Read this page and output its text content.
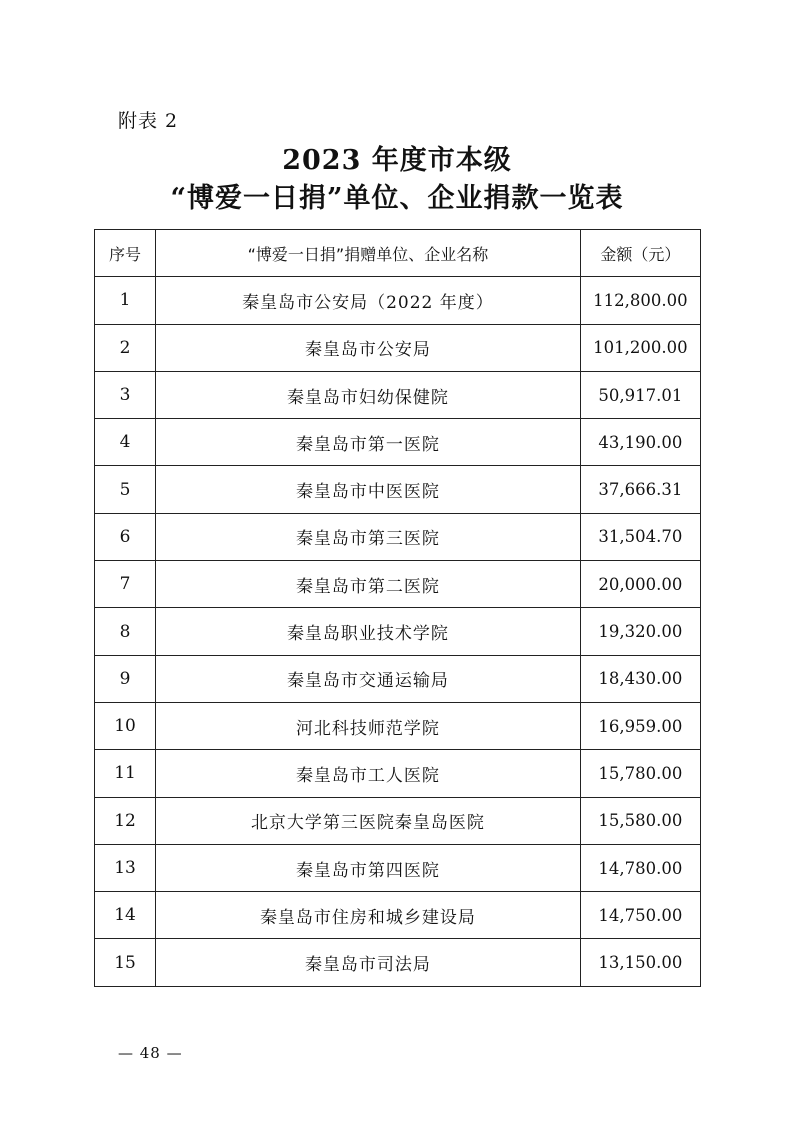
附表 2
2023 年度市本级
“博爱一日捐”单位、企业捐款一览表
序号	“博爱一日捐”捐赠单位、企业名称	金额（元）
1	秦皇岛市公安局（2022 年度）	112,800.00
2	秦皇岛市公安局	101,200.00
3	秦皇岛市妇幼保健院	50,917.01
4	秦皇岛市第一医院	43,190.00
5	秦皇岛市中医医院	37,666.31
6	秦皇岛市第三医院	31,504.70
7	秦皇岛市第二医院	20,000.00
8	秦皇岛职业技术学院	19,320.00
9	秦皇岛市交通运输局	18,430.00
10	河北科技师范学院	16,959.00
11	秦皇岛市工人医院	15,780.00
12	北京大学第三医院秦皇岛医院	15,580.00
13	秦皇岛市第四医院	14,780.00
14	秦皇岛市住房和城乡建设局	14,750.00
15	秦皇岛市司法局	13,150.00
— 48 —
